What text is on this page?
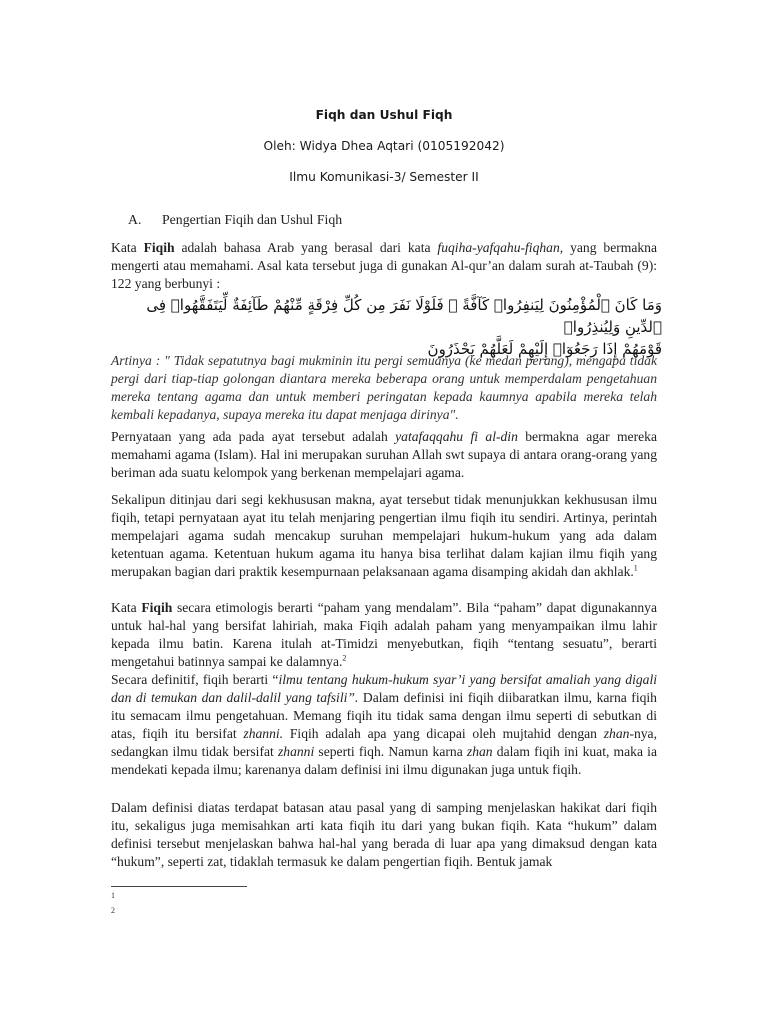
Fiqh dan Ushul Fiqh
Oleh: Widya Dhea Aqtari (0105192042)
Ilmu Komunikasi-3/ Semester II
A. Pengertian Fiqih dan Ushul Fiqh

Kata Fiqih adalah bahasa Arab yang berasal dari kata fuqiha-yafqahu-fiqhan, yang bermakna mengerti atau memahami. Asal kata tersebut juga di gunakan Al-qur’an dalam surah at-Taubah (9): 122 yang berbunyi :

وَمَا كَانَ ٱلْمُؤْمِنُونَ لِيَنفِرُوا۟ كَآفَّةً ۚ فَلَوْلَا نَفَرَ مِن كُلِّ فِرْقَةٍ مِّنْهُمْ طَآئِفَةٌ لِّيَتَفَقَّهُوا۟ فِى ٱلدِّينِ وَلِيُنذِرُوا۟
قَوْمَهُمْ إِذَا رَجَعُوٓا۟ إِلَيْهِمْ لَعَلَّهُمْ يَحْذَرُونَ

Artinya : " Tidak sepatutnya bagi mukminin itu pergi semuanya (ke medan perang), mengapa tidak pergi dari tiap-tiap golongan diantara mereka beberapa orang untuk memperdalam pengetahuan mereka tentang agama dan untuk memberi peringatan kepada kaumnya apabila mereka telah kembali kepadanya, supaya mereka itu dapat menjaga dirinya".

Pernyataan yang ada pada ayat tersebut adalah yatafaqqahu fi al-din bermakna agar mereka memahami agama (Islam). Hal ini merupakan suruhan Allah swt supaya di antara orang-orang yang beriman ada suatu kelompok yang berkenan mempelajari agama.

Sekalipun ditinjau dari segi kekhususan makna, ayat tersebut tidak menunjukkan kekhususan ilmu fiqih, tetapi pernyataan ayat itu telah menjaring pengertian ilmu fiqih itu sendiri. Artinya, perintah mempelajari agama sudah mencakup suruhan mempelajari hukum-hukum yang ada dalam ketentuan agama. Ketentuan hukum agama itu hanya bisa terlihat dalam kajian ilmu fiqih yang merupakan bagian dari praktik kesempurnaan pelaksanaan agama disamping akidah dan akhlak.$^1$

Kata Fiqih secara etimologis berarti “paham yang mendalam”. Bila “paham” dapat digunakannya untuk hal-hal yang bersifat lahiriah, maka Fiqih adalah paham yang menyampaikan ilmu lahir kepada ilmu batin. Karena itulah at-Timidzi menyebutkan, fiqih “tentang sesuatu”, berarti mengetahui batinnya sampai ke dalamnya.$^2$

Secara definitif, fiqih berarti “ilmu tentang hukum-hukum syar’i yang bersifat amaliah yang digali dan di temukan dan dalil-dalil yang tafsili”. Dalam definisi ini fiqih diibaratkan ilmu, karna fiqih itu semacam ilmu pengetahuan. Memang fiqih itu tidak sama dengan ilmu seperti di sebutkan di atas, fiqih itu bersifat zhanni. Fiqih adalah apa yang dicapai oleh mujtahid dengan zhan-nya, sedangkan ilmu tidak bersifat zhanni seperti fiqh. Namun karna zhan dalam fiqih ini kuat, maka ia mendekati kepada ilmu; karenanya dalam definisi ini ilmu digunakan juga untuk fiqih.

Dalam definisi diatas terdapat batasan atau pasal yang di samping menjelaskan hakikat dari fiqih itu, sekaligus juga memisahkan arti kata fiqih itu dari yang bukan fiqih. Kata “hukum” dalam definisi tersebut menjelaskan bahwa hal-hal yang berada di luar apa yang dimaksud dengan kata “hukum”, seperti zat, tidaklah termasuk ke dalam pengertian fiqih. Bentuk jamak

1
2
